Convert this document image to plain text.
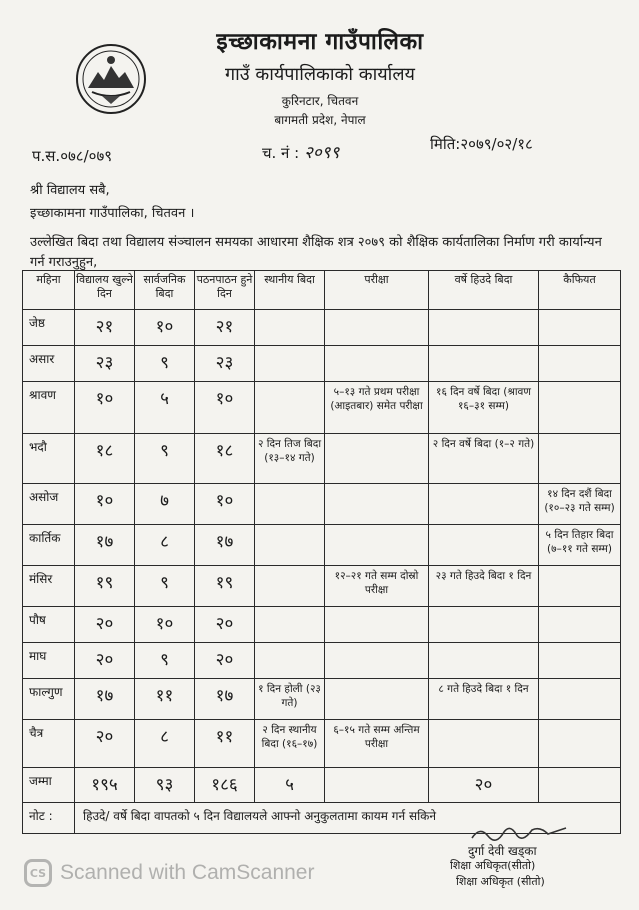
इच्छाकामना गाउँपालिका
गाउँ कार्यपालिकाको कार्यालय
कुरिनटार, चितवन
बागमती प्रदेश, नेपाल
प.स.०७८/०७९	च. नं : २०९९	मिति:२०७९/०२/१८
श्री विद्यालय सबै,
इच्छाकामना गाउँपालिका, चितवन ।
उल्लेखित बिदा तथा विद्यालय संञ्चालन समयका आधारमा शैक्षिक शत्र २०७९ को शैक्षिक कार्यतालिका निर्माण गरी कार्यान्यन गर्न गराउनुहुन,
महिना	विद्यालय खुल्ने दिन	सार्वजनिक बिदा	पठनपाठन हुने दिन	स्थानीय बिदा	परीक्षा	वर्षे हिउदे बिदा	कैफियत
जेष्ठ	२१	१०	२१				
असार	२३	९	२३				
श्रावण	१०	५	१०		५–१३ गते प्रथम परीक्षा (आइतबार) समेत परीक्षा	१६ दिन वर्षे बिदा (श्रावण १६–३१ सम्म)	
भदौ	१८	९	१८	२ दिन तिज बिदा (१३–१४ गते)		२ दिन वर्षे बिदा (१–२ गते)	
असोज	१०	७	१०				१४ दिन दशैं बिदा (१०–२३ गते सम्म)
कार्तिक	१७	८	१७				५ दिन तिहार बिदा (७–११ गते सम्म)
मंसिर	१९	९	१९		१२–२१ गते सम्म दोस्रो परीक्षा	२३ गते हिउदे बिदा १ दिन	
पौष	२०	१०	२०				
माघ	२०	९	२०				
फाल्गुण	१७	११	१७	१ दिन होली (२३ गते)		८ गते हिउदे बिदा १ दिन	
चैत्र	२०	८	११	२ दिन स्थानीय बिदा (१६–१७)	६–१५ गते सम्म अन्तिम परीक्षा		
जम्मा	१९५	९३	१८६	५		२०	
नोट :	हिउदे/ वर्षे बिदा वापतको ५ दिन विद्यालयले आफ्नो अनुकुलतामा कायम गर्न सकिने						
दुर्गा देवी खड्का
शिक्षा अधिकृत(सीतो)
शिक्षा अधिकृत (सीतो)
CS Scanned with CamScanner
